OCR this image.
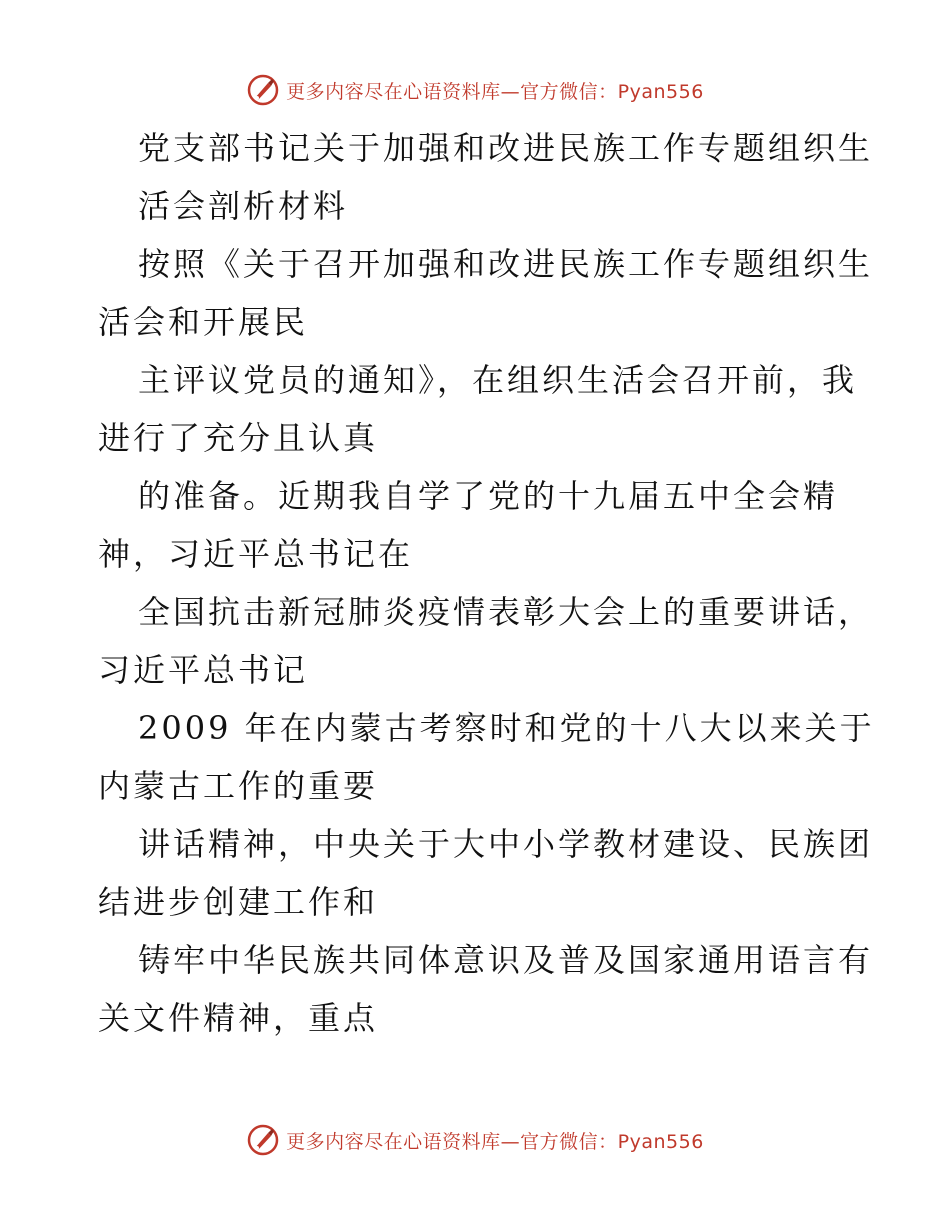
更多内容尽在心语资料库—官方微信：Pyan556
党支部书记关于加强和改进民族工作专题组织生
活会剖析材料
按照《关于召开加强和改进民族工作专题组织生
活会和开展民
主评议党员的通知》，在组织生活会召开前，我
进行了充分且认真
的准备。近期我自学了党的十九届五中全会精
神，习近平总书记在
全国抗击新冠肺炎疫情表彰大会上的重要讲话，
习近平总书记
2009 年在内蒙古考察时和党的十八大以来关于
内蒙古工作的重要
讲话精神，中央关于大中小学教材建设、民族团
结进步创建工作和
铸牢中华民族共同体意识及普及国家通用语言有
关文件精神，重点
更多内容尽在心语资料库—官方微信：Pyan556
